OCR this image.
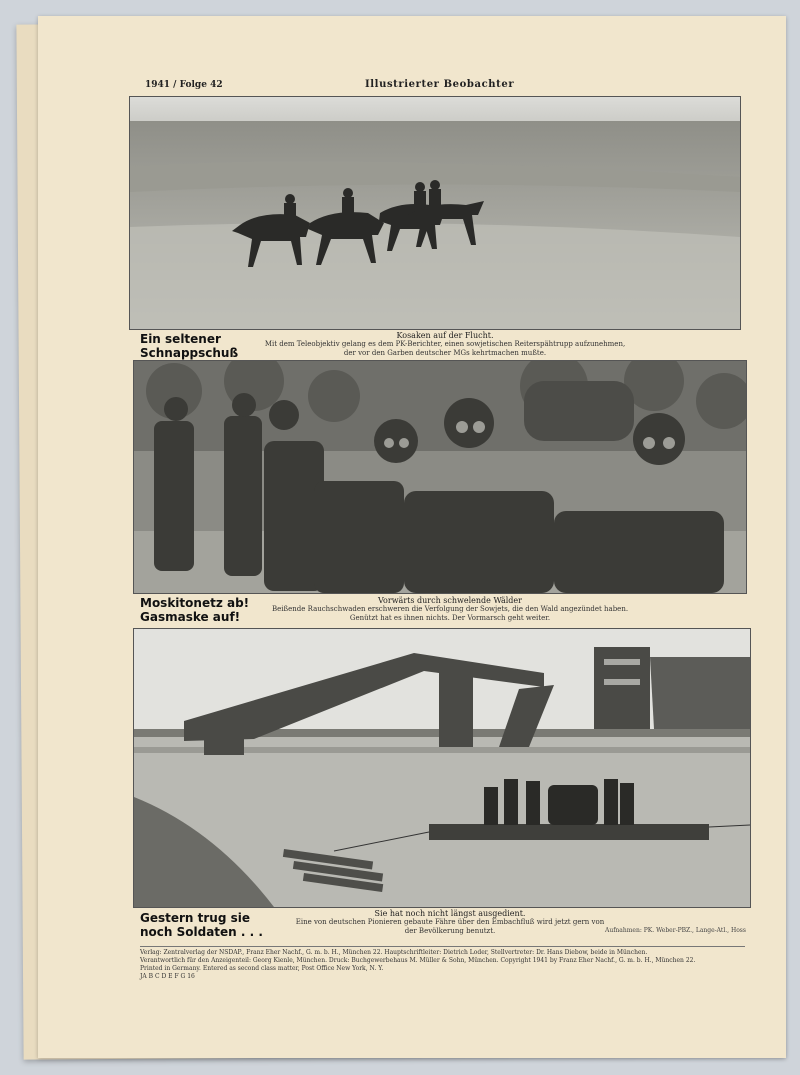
1941 / Folge 42	Illustrierter Beobachter
Ein seltener
Schnappschuß
Kosaken auf der Flucht.
Mit dem Teleobjektiv gelang es dem PK-Berichter, einen sowjetischen Reiterspähtrupp aufzunehmen, der vor den Garben deutscher MGs kehrtmachen mußte.
Moskitonetz ab!
Gasmaske auf!
Vorwärts durch schwelende Wälder
Beißende Rauchschwaden erschweren die Verfolgung der Sowjets, die den Wald angezündet haben. Genützt hat es ihnen nichts. Der Vormarsch geht weiter.
Gestern trug sie
noch Soldaten . . .
Sie hat noch nicht längst ausgedient.
Eine von deutschen Pionieren gebaute Fähre über den Embachfluß wird jetzt gern von der Bevölkerung benutzt.	Aufnahmen: PK. Weber-PBZ., Lange-Atl., Hoss
Verlag: Zentralverlag der NSDAP., Franz Eher Nachf., G. m. b. H., München 22. Hauptschriftleiter: Dietrich Loder, Stellvertreter: Dr. Hans Diebow, beide in München.
Verantwortlich für den Anzeigenteil: Georg Kienle, München. Druck: Buchgewerbehaus M. Müller & Sohn, München. Copyright 1941 by Franz Eher Nachf., G. m. b. H., München 22.
Printed in Germany. Entered as second class matter, Post Office New York, N. Y.
JA B C D E F G 16
